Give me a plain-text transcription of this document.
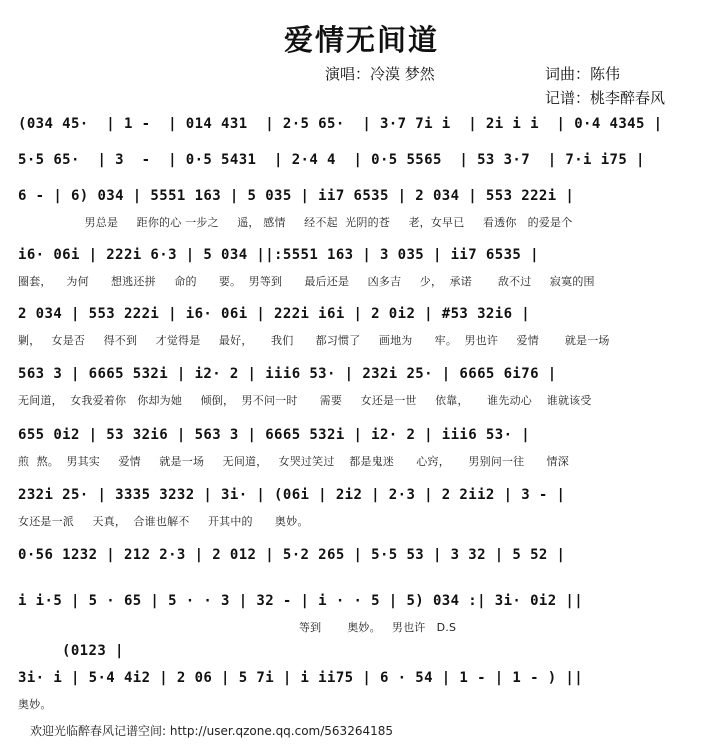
爱情无间道
演唱：冷漠 梦然	词曲：陈伟
记谱：桃李醉春风
(034 45·  | 1 -  | 014 431  | 2·5 65·  | 3·7 7i i  | 2i i i  | 0·4 4345 |
5·5 65·  | 3  -  | 0·5 5431  | 2·4 4  | 0·5 5565  | 53 3·7  | 7·i i75 |
6 - | 6) 034 | 5551 163 | 5 035 | ii7 6535 | 2 034 | 553 222i |
男总是     距你的心 一步之     遥， 感情     经不起  光阴的苍     老，女早已     看透你   的爱是个
i6· 06i | 222i 6·3 | 5 034 ||:5551 163 | 3 035 | ii7 6535 |
圈套，    为何      想逃还拼     命的      要。  男等到      最后还是     凶多吉     少，  承诺       敌不过     寂寞的围
2 034 | 553 222i | i6· 06i | 222i i6i | 2 0i2 | #53 32i6 |
剿，   女是否     得不到     才觉得是     最好，     我们      都习惯了     画地为      牢。  男也许     爱情       就是一场
563 3 | 6665 532i | i2· 2 | iii6 53· | 232i 25· | 6665 6i76 |
无间道，  女我爱着你   你却为她     倾倒，  男不问一时      需要     女还是一世     依靠，     谁先动心    谁就该受
655 0i2 | 53 32i6 | 563 3 | 6665 532i | i2· 2 | iii6 53· |
煎  熬。  男其实     爱情     就是一场     无间道，   女哭过笑过    都是鬼迷      心窍，     男别问一往      情深
232i 25· | 3335 3232 | 3i· | (06i | 2i2 | 2·3 | 2 2ii2 | 3 - |
女还是一派     天真，  合谁也解不     开其中的      奥妙。
0·56 1232 | 212 2·3 | 2 012 | 5·2 265 | 5·5 53 | 3 32 | 5 52 |
i i·5 | 5 · 65 | 5 · · 3 | 32 - | i · · 5 | 5) 034 :| 3i· 0i2 ||
等到       奥妙。   男也许   D.S
(0123 |
3i· i | 5·4 4i2 | 2 06 | 5 7i | i ii75 | 6 · 54 | 1 - | 1 - ) ||
奥妙。
欢迎光临醉春风记谱空间: http://user.qzone.qq.com/563264185
